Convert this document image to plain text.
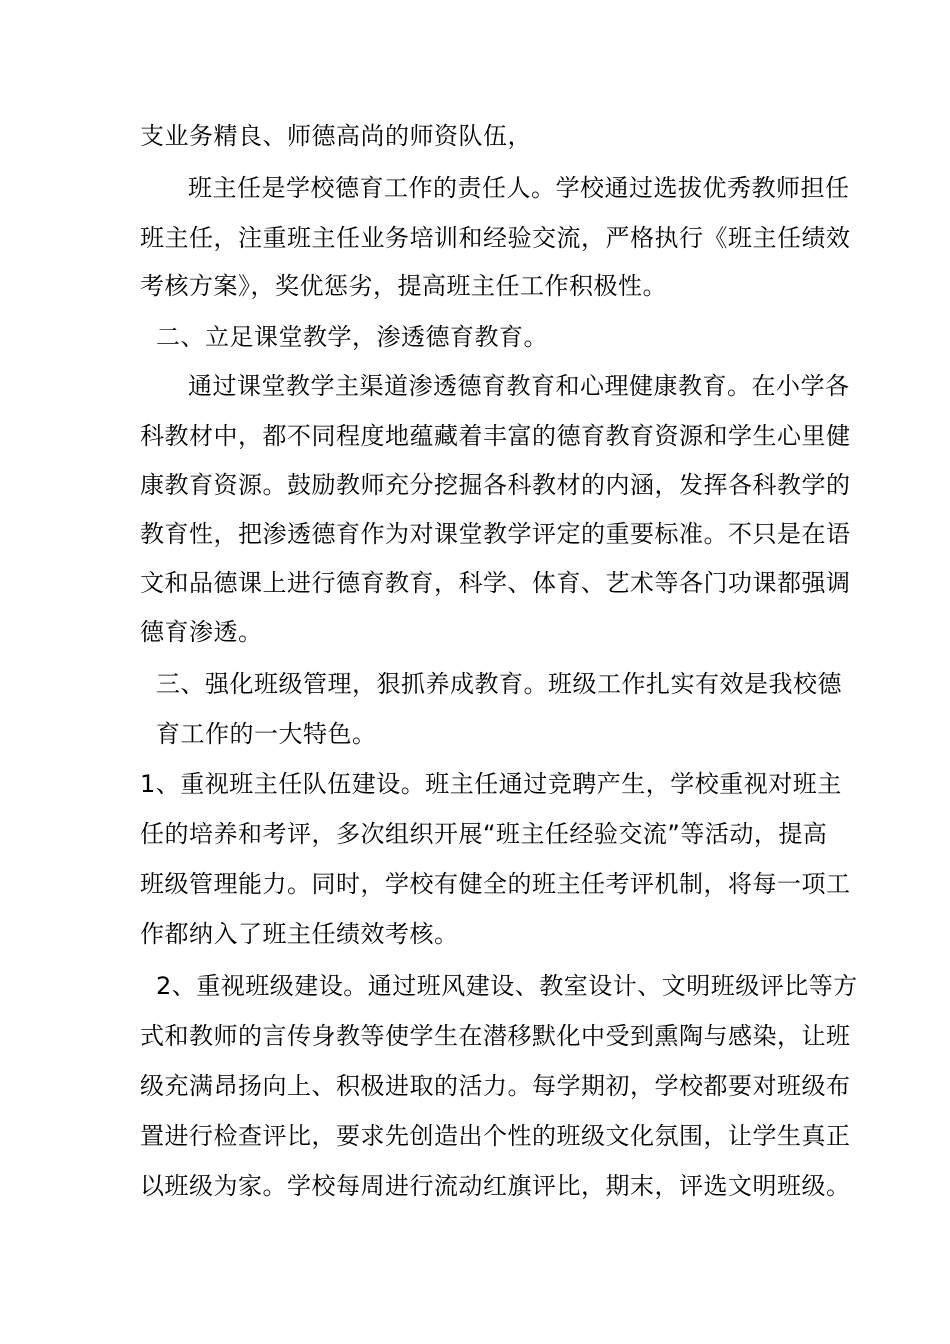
支业务精良、师德高尚的师资队伍，
班主任是学校德育工作的责任人。学校通过选拔优秀教师担任
班主任，注重班主任业务培训和经验交流，严格执行《班主任绩效
考核方案》，奖优惩劣，提高班主任工作积极性。
二、立足课堂教学，渗透德育教育。
通过课堂教学主渠道渗透德育教育和心理健康教育。在小学各
科教材中，都不同程度地蕴藏着丰富的德育教育资源和学生心里健
康教育资源。鼓励教师充分挖掘各科教材的内涵，发挥各科教学的
教育性，把渗透德育作为对课堂教学评定的重要标准。不只是在语
文和品德课上进行德育教育，科学、体育、艺术等各门功课都强调
德育渗透。
三、强化班级管理，狠抓养成教育。班级工作扎实有效是我校德
育工作的一大特色。
1、重视班主任队伍建设。班主任通过竞聘产生，学校重视对班主
任的培养和考评，多次组织开展“班主任经验交流”等活动，提高
班级管理能力。同时，学校有健全的班主任考评机制，将每一项工
作都纳入了班主任绩效考核。
2、重视班级建设。通过班风建设、教室设计、文明班级评比等方
式和教师的言传身教等使学生在潜移默化中受到熏陶与感染，让班
级充满昂扬向上、积极进取的活力。每学期初，学校都要对班级布
置进行检查评比，要求先创造出个性的班级文化氛围，让学生真正
以班级为家。学校每周进行流动红旗评比，期末，评选文明班级。
